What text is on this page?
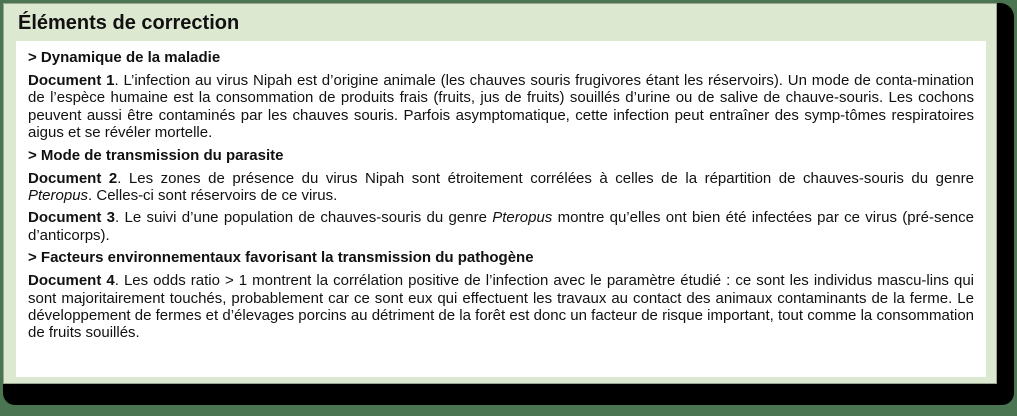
Éléments de correction
> Dynamique de la maladie

Document 1. L’infection au virus Nipah est d’origine animale (les chauves souris frugivores étant les réservoirs). Un mode de conta-mination de l’espèce humaine est la consommation de produits frais (fruits, jus de fruits) souillés d’urine ou de salive de chauve-souris. Les cochons peuvent aussi être contaminés par les chauves souris. Parfois asymptomatique, cette infection peut entraîner des symp-tômes respiratoires aigus et se révéler mortelle.

> Mode de transmission du parasite

Document 2. Les zones de présence du virus Nipah sont étroitement corrélées à celles de la répartition de chauves-souris du genre Pteropus. Celles-ci sont réservoirs de ce virus.

Document 3. Le suivi d’une population de chauves-souris du genre Pteropus montre qu’elles ont bien été infectées par ce virus (pré-sence d’anticorps).

> Facteurs environnementaux favorisant la transmission du pathogène

Document 4. Les odds ratio > 1 montrent la corrélation positive de l’infection avec le paramètre étudié : ce sont les individus mascu-lins qui sont majoritairement touchés, probablement car ce sont eux qui effectuent les travaux au contact des animaux contaminants de la ferme. Le développement de fermes et d’élevages porcins au détriment de la forêt est donc un facteur de risque important, tout comme la consommation de fruits souillés.
